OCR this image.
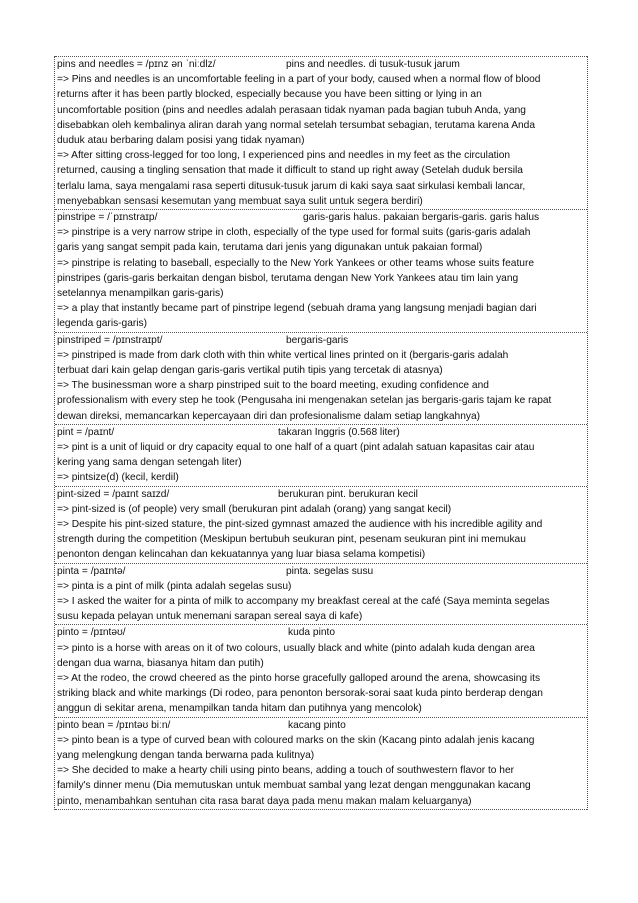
pins and needles = /pɪnz ən ˈniːdlz/	pins and needles. di tusuk-tusuk jarum
=> Pins and needles is an uncomfortable feeling in a part of your body, caused when a normal flow of blood
returns after it has been partly blocked, especially because you have been sitting or lying in an
uncomfortable position (pins and needles adalah perasaan tidak nyaman pada bagian tubuh Anda, yang
disebabkan oleh kembalinya aliran darah yang normal setelah tersumbat sebagian, terutama karena Anda
duduk atau berbaring dalam posisi yang tidak nyaman)
=> After sitting cross-legged for too long, I experienced pins and needles in my feet as the circulation
returned, causing a tingling sensation that made it difficult to stand up right away (Setelah duduk bersila
terlalu lama, saya mengalami rasa seperti ditusuk-tusuk jarum di kaki saya saat sirkulasi kembali lancar,
menyebabkan sensasi kesemutan yang membuat saya sulit untuk segera berdiri)
pinstripe = /ˈpɪnstraɪp/	garis-garis halus. pakaian bergaris-garis. garis halus
=> pinstripe is a very narrow stripe in cloth, especially of the type used for formal suits (garis-garis adalah
garis yang sangat sempit pada kain, terutama dari jenis yang digunakan untuk pakaian formal)
=> pinstripe is relating to baseball, especially to the New York Yankees or other teams whose suits feature
pinstripes (garis-garis berkaitan dengan bisbol, terutama dengan New York Yankees atau tim lain yang
setelannya menampilkan garis-garis)
=> a play that instantly became part of pinstripe legend (sebuah drama yang langsung menjadi bagian dari
legenda garis-garis)
pinstriped = /pɪnstraɪpt/	bergaris-garis
=> pinstriped is made from dark cloth with thin white vertical lines printed on it (bergaris-garis adalah
terbuat dari kain gelap dengan garis-garis vertikal putih tipis yang tercetak di atasnya)
=> The businessman wore a sharp pinstriped suit to the board meeting, exuding confidence and
professionalism with every step he took (Pengusaha ini mengenakan setelan jas bergaris-garis tajam ke rapat
dewan direksi, memancarkan kepercayaan diri dan profesionalisme dalam setiap langkahnya)
pint = /paɪnt/	takaran Inggris (0.568 liter)
=> pint is a unit of liquid or dry capacity equal to one half of a quart (pint adalah satuan kapasitas cair atau
kering yang sama dengan setengah liter)
=> pintsize(d) (kecil, kerdil)
pint-sized = /paɪnt saɪzd/	berukuran pint. berukuran kecil
=> pint-sized is (of people) very small (berukuran pint adalah (orang) yang sangat kecil)
=> Despite his pint-sized stature, the pint-sized gymnast amazed the audience with his incredible agility and
strength during the competition (Meskipun bertubuh seukuran pint, pesenam seukuran pint ini memukau
penonton dengan kelincahan dan kekuatannya yang luar biasa selama kompetisi)
pinta = /paɪntə/	pinta. segelas susu
=> pinta is a pint of milk (pinta adalah segelas susu)
=> I asked the waiter for a pinta of milk to accompany my breakfast cereal at the café (Saya meminta segelas
susu kepada pelayan untuk menemani sarapan sereal saya di kafe)
pinto = /pɪntəʊ/	kuda pinto
=> pinto is a horse with areas on it of two colours, usually black and white (pinto adalah kuda dengan area
dengan dua warna, biasanya hitam dan putih)
=> At the rodeo, the crowd cheered as the pinto horse gracefully galloped around the arena, showcasing its
striking black and white markings (Di rodeo, para penonton bersorak-sorai saat kuda pinto berderap dengan
anggun di sekitar arena, menampilkan tanda hitam dan putihnya yang mencolok)
pinto bean = /pɪntəʊ biːn/	kacang pinto
=> pinto bean is a type of curved bean with coloured marks on the skin (Kacang pinto adalah jenis kacang
yang melengkung dengan tanda berwarna pada kulitnya)
=> She decided to make a hearty chili using pinto beans, adding a touch of southwestern flavor to her
family's dinner menu (Dia memutuskan untuk membuat sambal yang lezat dengan menggunakan kacang
pinto, menambahkan sentuhan cita rasa barat daya pada menu makan malam keluarganya)
